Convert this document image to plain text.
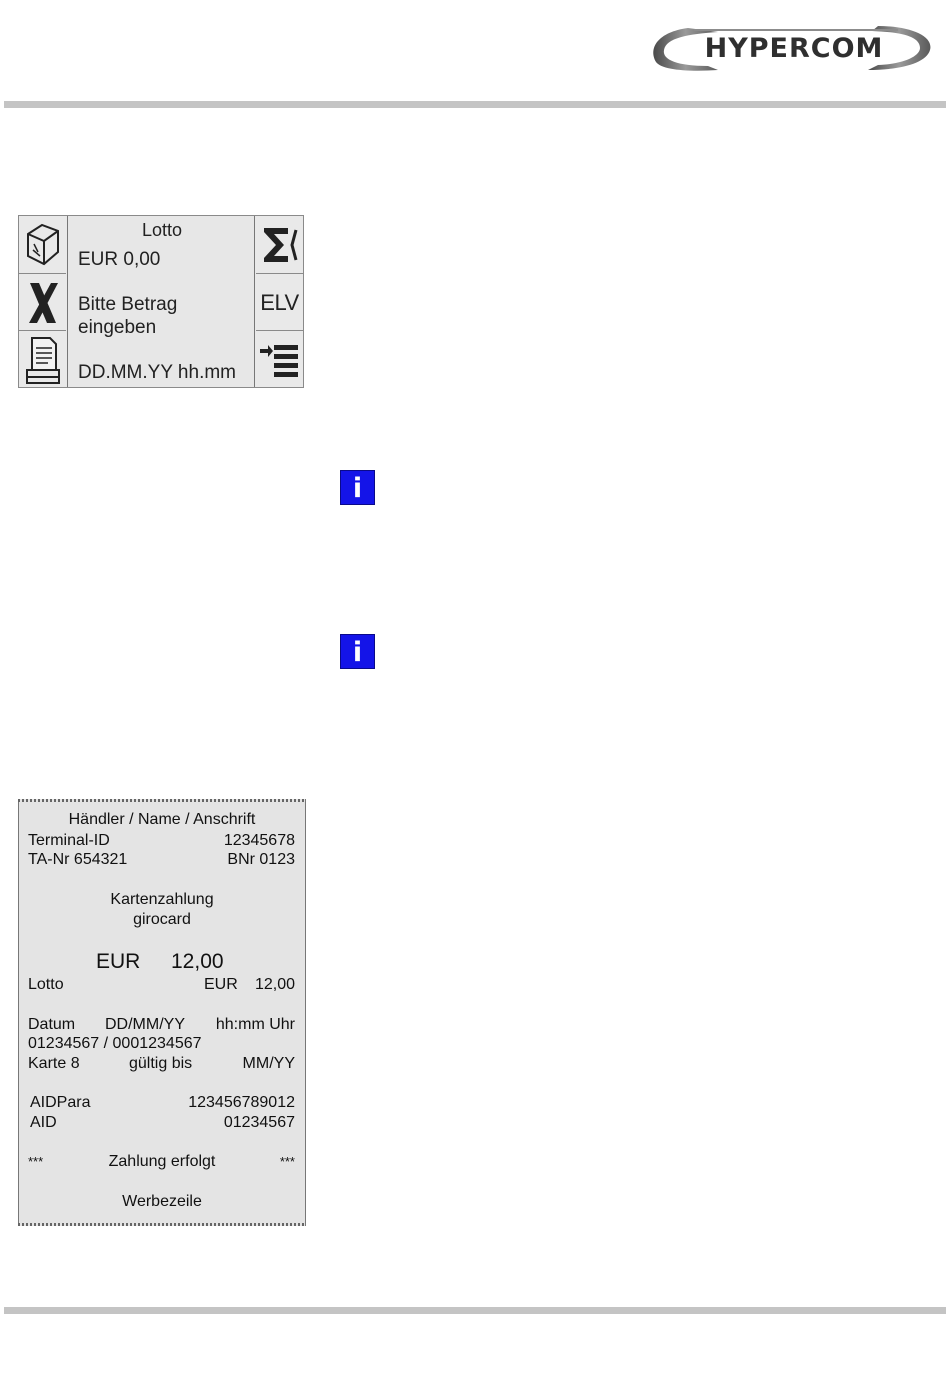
HYPERCOM
Lotto
EUR 0,00
Bitte Betrag
eingeben
DD.MM.YY hh.mm
ELV
i
i
Händler / Name / Anschrift
Terminal-ID	12345678
TA-Nr 654321	BNr 0123
Kartenzahlung
girocard
EUR 12,00
Lotto	EUR 12,00
Datum DD/MM/YY hh:mm Uhr
01234567 / 0001234567
Karte 8	gültig bis	MM/YY
AIDPara	123456789012
AID	01234567
***	Zahlung erfolgt	***
Werbezeile
